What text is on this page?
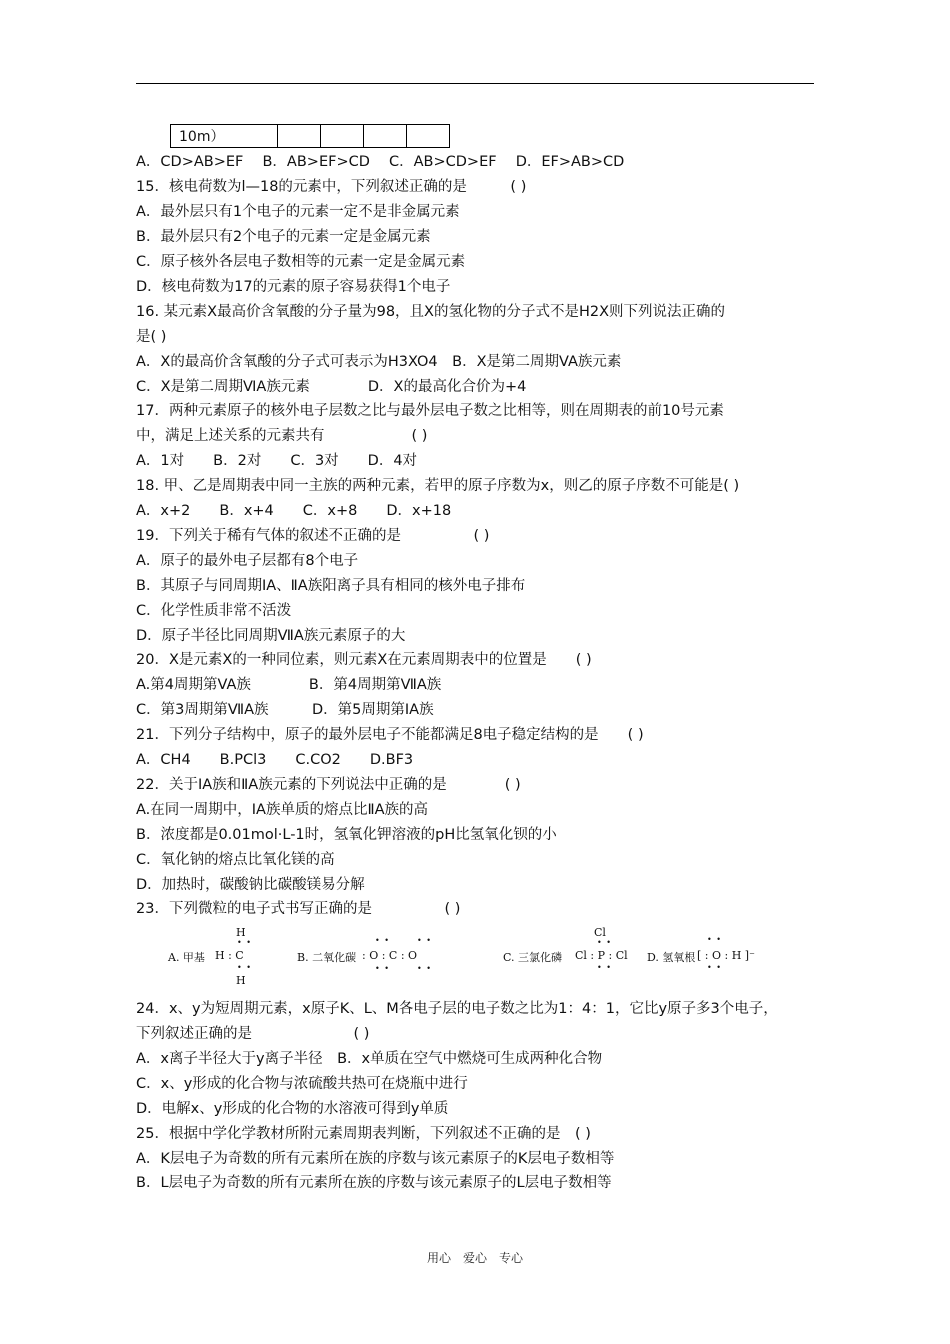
10m）				
A．CD>AB>EF　 B．AB>EF>CD　 C．AB>CD>EF　 D．EF>AB>CD
15．核电荷数为l—18的元素中，下列叙述正确的是　　　( )
A．最外层只有1个电子的元素一定不是非金属元素
B．最外层只有2个电子的元素一定是金属元素
C．原子核外各层电子数相等的元素一定是金属元素
D．核电荷数为17的元素的原子容易获得1个电子
16. 某元素X最高价含氧酸的分子量为98，且X的氢化物的分子式不是H2X则下列说法正确的
是( )
A．X的最高价含氧酸的分子式可表示为H3XO4　B．X是第二周期VA族元素
C．X是第二周期ⅥA族元素　　　　D．X的最高化合价为+4
17．两种元素原子的核外电子层数之比与最外层电子数之比相等，则在周期表的前10号元素
中，满足上述关系的元素共有　　　　　　( )
A．1对　　B．2对　　C．3对　　D．4对
18. 甲、乙是周期表中同一主族的两种元素，若甲的原子序数为x，则乙的原子序数不可能是( )
A．x+2　　B．x+4　　C．x+8　　D．x+18
19．下列关于稀有气体的叙述不正确的是　　　　　( )
A．原子的最外电子层都有8个电子
B．其原子与同周期IA、ⅡA族阳离子具有相同的核外电子排布
C．化学性质非常不活泼
D．原子半径比同周期ⅦA族元素原子的大
20．X是元素X的一种同位素，则元素X在元素周期表中的位置是　　( )
A.第4周期第VA族　　　　B．第4周期第ⅦA族
C．第3周期第ⅦA族　　　D．第5周期第ⅠA族
21．下列分子结构中，原子的最外层电子不能都满足8电子稳定结构的是　　( )
A．CH4　　B.PCl3　　C.CO2　　D.BF3
22．关于IA族和ⅡA族元素的下列说法中正确的是　　　　( )
A.在同一周期中，IA族单质的熔点比ⅡA族的高
B．浓度都是0.01mol·L-1时，氢氧化钾溶液的pH比氢氧化钡的小
C．氧化钠的熔点比氧化镁的高
D．加热时，碳酸钠比碳酸镁易分解
23．下列微粒的电子式书写正确的是　　　　　( )
H
• •
A. 甲基 H : C
• •
H
• •　　　• •
B. 二氧化碳 : O : C : O
• •　　　• •
Cl
• •
C. 三氯化磷 Cl : P : Cl
• •
D. 氢氧根
• •
[ : O : H ]⁻
• •
24．x、y为短周期元素，x原子K、L、M各电子层的电子数之比为1：4：1，它比y原子多3个电子，
下列叙述正确的是　　　　　　　( )
A．x离子半径大于y离子半径　B．x单质在空气中燃烧可生成两种化合物
C．x、y形成的化合物与浓硫酸共热可在烧瓶中进行
D．电解x、y形成的化合物的水溶液可得到y单质
25．根据中学化学教材所附元素周期表判断，下列叙述不正确的是　( )
A．K层电子为奇数的所有元素所在族的序数与该元素原子的K层电子数相等
B．L层电子为奇数的所有元素所在族的序数与该元素原子的L层电子数相等
用心　爱心　专心
